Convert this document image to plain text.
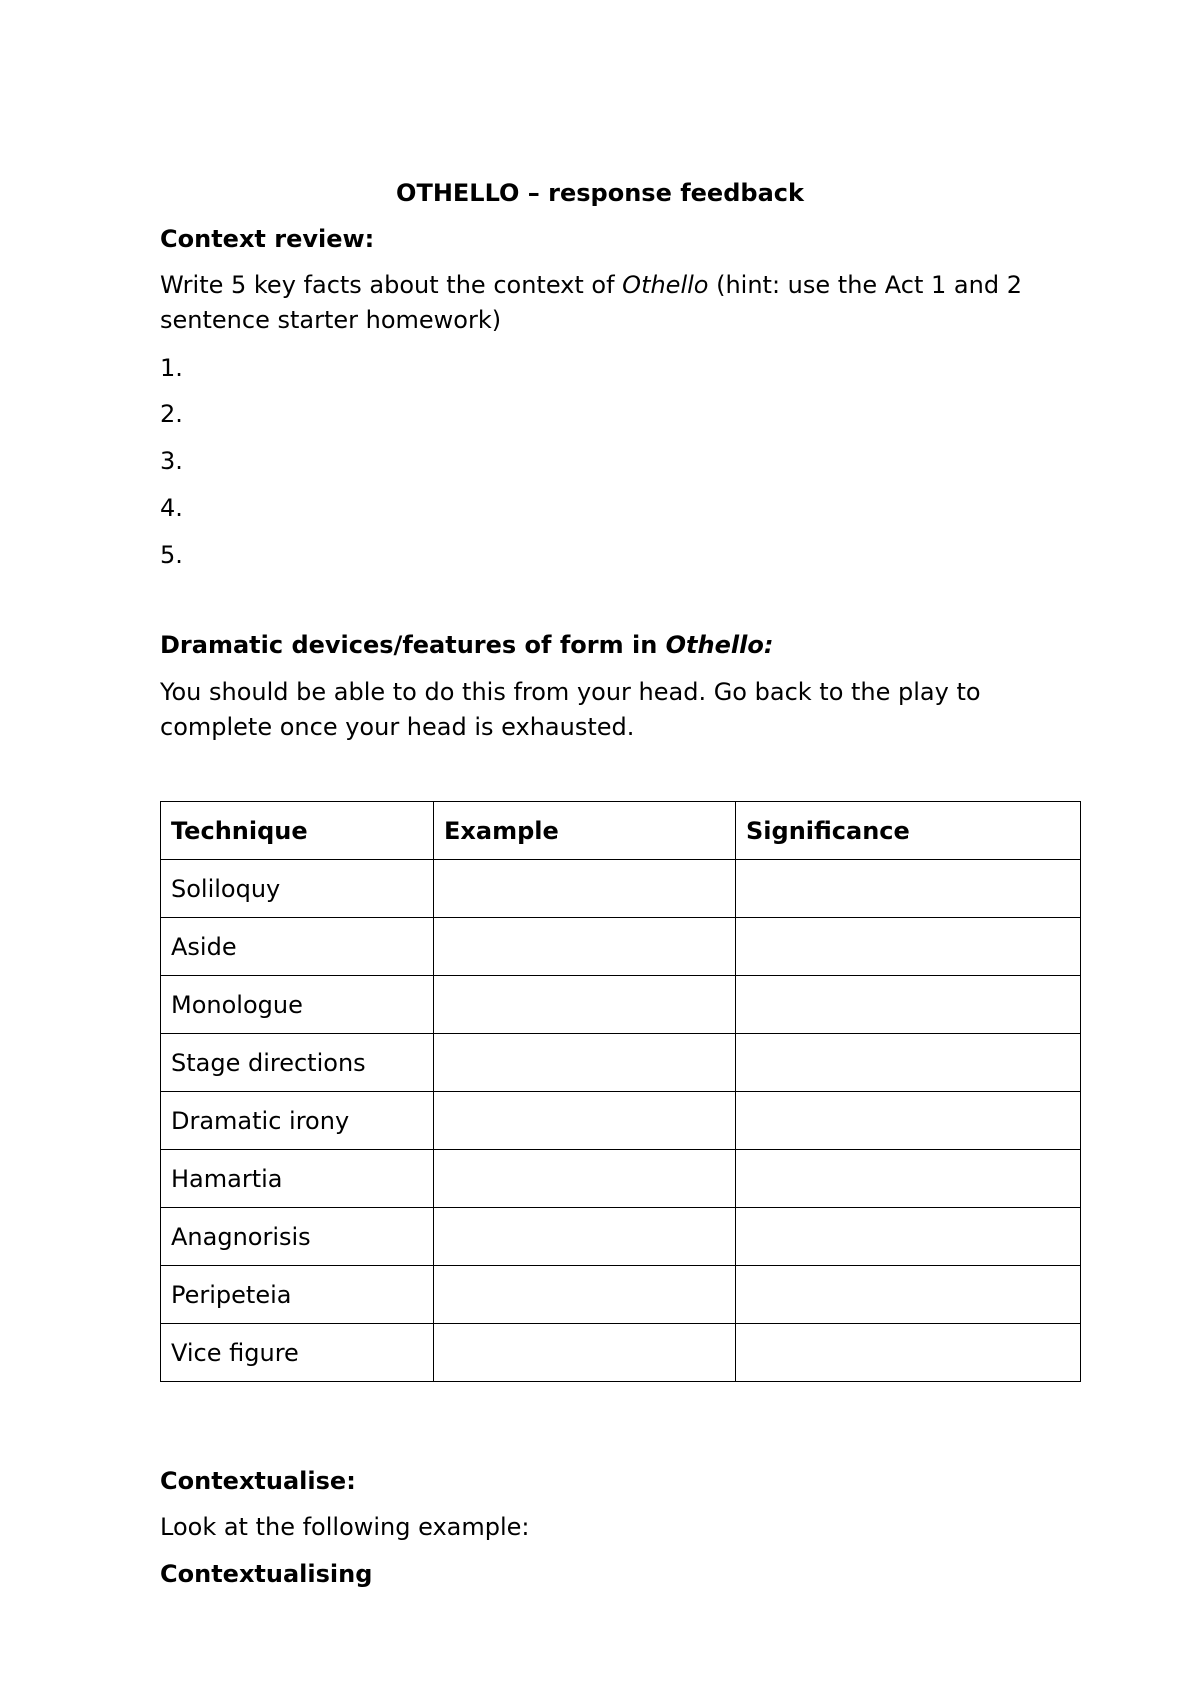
OTHELLO – response feedback
Context review:
Write 5 key facts about the context of Othello (hint: use the Act 1 and 2
sentence starter homework)
1.
2.
3.
4.
5.
Dramatic devices/features of form in Othello:
You should be able to do this from your head. Go back to the play to
complete once your head is exhausted.
Technique	Example	Significance
Soliloquy		
Aside		
Monologue		
Stage directions		
Dramatic irony		
Hamartia		
Anagnorisis		
Peripeteia		
Vice figure		
Contextualise:
Look at the following example:
Contextualising
